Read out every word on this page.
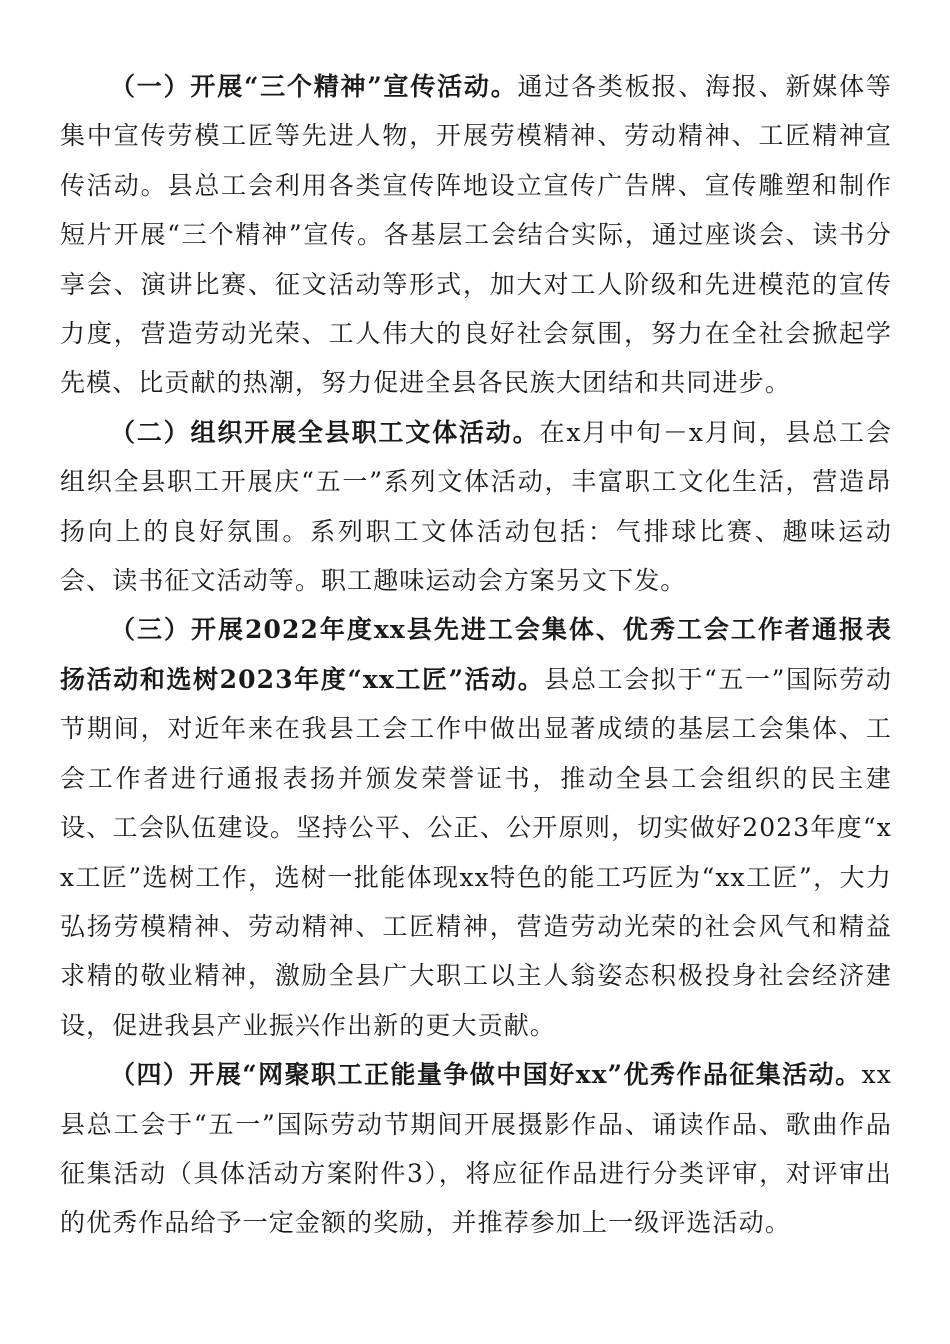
（一）开展“三个精神”宣传活动。通过各类板报、海报、新媒体等集中宣传劳模工匠等先进人物，开展劳模精神、劳动精神、工匠精神宣传活动。县总工会利用各类宣传阵地设立宣传广告牌、宣传雕塑和制作短片开展“三个精神”宣传。各基层工会结合实际，通过座谈会、读书分享会、演讲比赛、征文活动等形式，加大对工人阶级和先进模范的宣传力度，营造劳动光荣、工人伟大的良好社会氛围，努力在全社会掀起学先模、比贡献的热潮，努力促进全县各民族大团结和共同进步。

（二）组织开展全县职工文体活动。在x月中旬－x月间，县总工会组织全县职工开展庆“五一”系列文体活动，丰富职工文化生活，营造昂扬向上的良好氛围。系列职工文体活动包括：气排球比赛、趣味运动会、读书征文活动等。职工趣味运动会方案另文下发。

（三）开展2022年度xx县先进工会集体、优秀工会工作者通报表扬活动和选树2023年度“xx工匠”活动。县总工会拟于“五一”国际劳动节期间，对近年来在我县工会工作中做出显著成绩的基层工会集体、工会工作者进行通报表扬并颁发荣誉证书，推动全县工会组织的民主建设、工会队伍建设。坚持公平、公正、公开原则，切实做好2023年度“xx工匠”选树工作，选树一批能体现xx特色的能工巧匠为“xx工匠”，大力弘扬劳模精神、劳动精神、工匠精神，营造劳动光荣的社会风气和精益求精的敬业精神，激励全县广大职工以主人翁姿态积极投身社会经济建设，促进我县产业振兴作出新的更大贡献。

（四）开展“网聚职工正能量争做中国好xx”优秀作品征集活动。xx县总工会于“五一”国际劳动节期间开展摄影作品、诵读作品、歌曲作品征集活动（具体活动方案附件3），将应征作品进行分类评审，对评审出的优秀作品给予一定金额的奖励，并推荐参加上一级评选活动。
